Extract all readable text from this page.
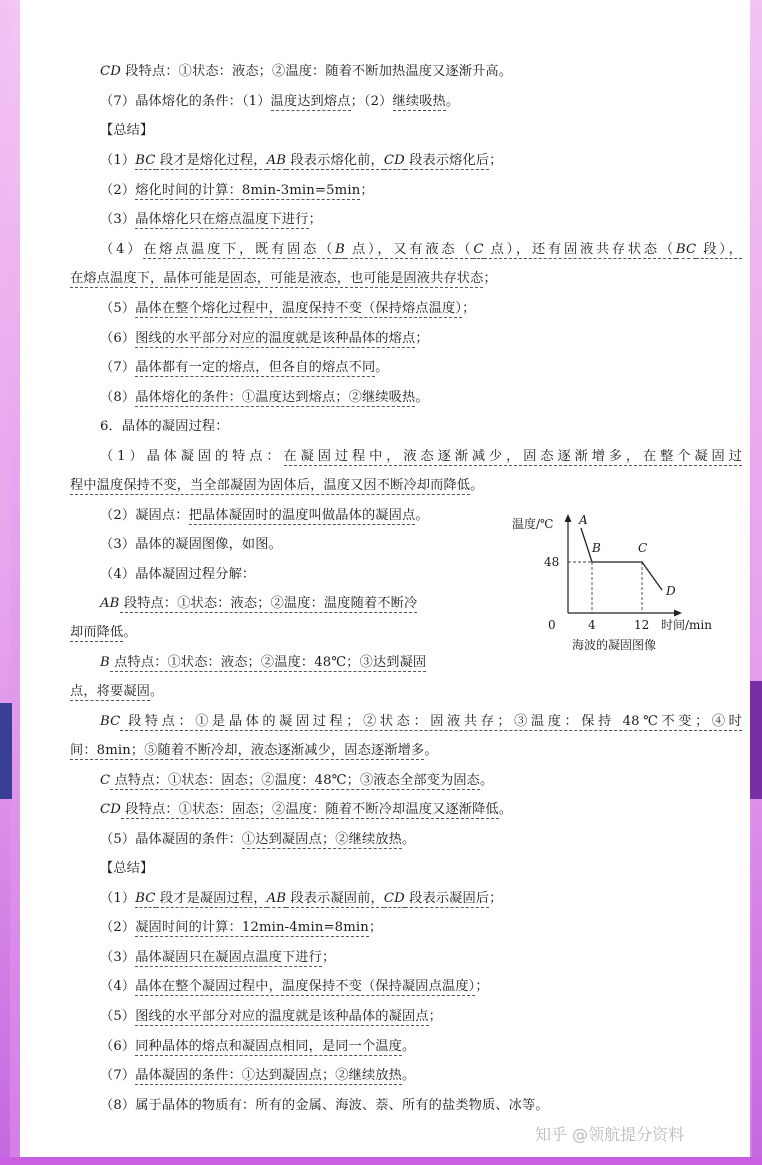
CD 段特点：①状态：液态；②温度：随着不断加热温度又逐渐升高。
（7）晶体熔化的条件：（1）温度达到熔点；（2）继续吸热。
【总结】
（1）BC 段才是熔化过程，AB 段表示熔化前，CD 段表示熔化后；
（2）熔化时间的计算：8min-3min=5min；
（3）晶体熔化只在熔点温度下进行；
（4）在熔点温度下，既有固态（B 点），又有液态（C 点），还有固液共存状态（BC 段），
在熔点温度下，晶体可能是固态，可能是液态，也可能是固液共存状态；
（5）晶体在整个熔化过程中，温度保持不变（保持熔点温度）；
（6）图线的水平部分对应的温度就是该种晶体的熔点；
（7）晶体都有一定的熔点，但各自的熔点不同。
（8）晶体熔化的条件：①温度达到熔点；②继续吸热。
6．晶体的凝固过程：
（1）晶体凝固的特点：在凝固过程中，液态逐渐减少，固态逐渐增多，在整个凝固过
程中温度保持不变，当全部凝固为固体后，温度又因不断冷却而降低。
（2）凝固点：把晶体凝固时的温度叫做晶体的凝固点。
（3）晶体的凝固图像，如图。
（4）晶体凝固过程分解：
AB 段特点：①状态：液态；②温度：温度随着不断冷
却而降低。
B 点特点：①状态：液态；②温度：48℃；③达到凝固
点，将要凝固。
BC 段特点：①是晶体的凝固过程；②状态：固液共存；③温度：保持 48℃不变；④时
间：8min；⑤随着不断冷却，液态逐渐减少，固态逐渐增多。
C 点特点：①状态：固态；②温度：48℃；③液态全部变为固态。
CD 段特点：①状态：固态；②温度：随着不断冷却温度又逐渐降低。
（5）晶体凝固的条件：①达到凝固点；②继续放热。
【总结】
（1）BC 段才是凝固过程，AB 段表示凝固前，CD 段表示凝固后；
（2）凝固时间的计算：12min-4min=8min；
（3）晶体凝固只在凝固点温度下进行；
（4）晶体在整个凝固过程中，温度保持不变（保持凝固点温度）；
（5）图线的水平部分对应的温度就是该种晶体的凝固点；
（6）同种晶体的熔点和凝固点相同，是同一个温度。
（7）晶体凝固的条件：①达到凝固点；②继续放热。
（8）属于晶体的物质有：所有的金属、海波、萘、所有的盐类物质、冰等。
温度/℃
48
0	4	12 时间/min
A
B	C
D
海波的凝固图像
知乎 @领航提分资料
